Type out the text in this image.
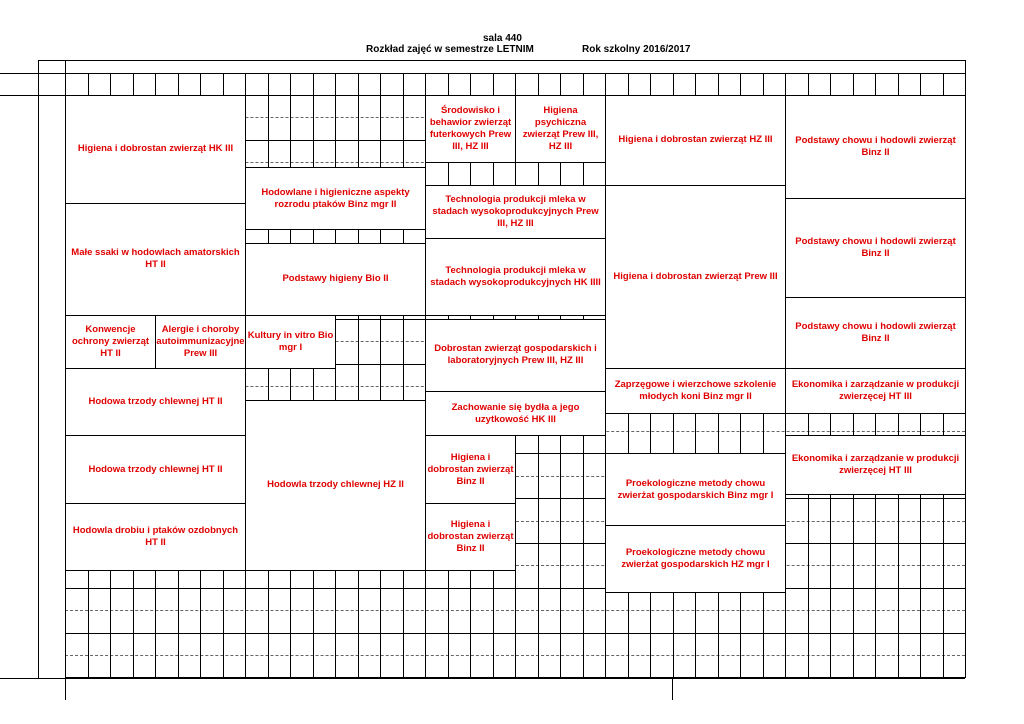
sala 440
Rozkład zajęć w semestrze LETNIM	Rok szkolny 2016/2017
Higiena i dobrostan zwierząt HK III
Małe ssaki w hodowlach amatorskich HT II
Konwencje ochrony zwierząt HT II
Alergie i choroby autoimmunizacyjne Prew III
Hodowa trzody chlewnej HT II
Hodowa trzody chlewnej HT II
Hodowla drobiu i ptaków ozdobnych HT II
Hodowlane i higieniczne aspekty rozrodu ptaków Binz mgr II
Podstawy higieny Bio II
Kultury in vitro Bio mgr I
Hodowla trzody chlewnej HZ II
Środowisko i behawior zwierząt futerkowych Prew III, HZ III
Higiena psychiczna zwierząt Prew III, HZ III
Technologia produkcji mleka w stadach wysokoprodukcyjnych Prew III, HZ III
Technologia produkcji mleka w stadach wysokoprodukcyjnych HK IIII
Dobrostan zwierząt gospodarskich i laboratoryjnych Prew III, HZ III
Zachowanie się bydła a jego uzytkowość HK III
Higiena i dobrostan zwierząt Binz II
Higiena i dobrostan zwierząt Binz II
Higiena i dobrostan zwierząt HZ III
Higiena i dobrostan zwierząt Prew III
Zaprzęgowe i wierzchowe szkolenie młodych koni Binz mgr II
Proekologiczne metody chowu zwierżat gospodarskich Binz mgr I
Proekologiczne metody chowu zwierżat gospodarskich HZ mgr I
Podstawy chowu i hodowli zwierząt Binz II
Podstawy chowu i hodowli zwierząt Binz II
Podstawy chowu i hodowli zwierząt Binz II
Ekonomika i zarządzanie w produkcji zwierzęcej HT III
Ekonomika i zarządzanie w produkcji zwierzęcej HT III
